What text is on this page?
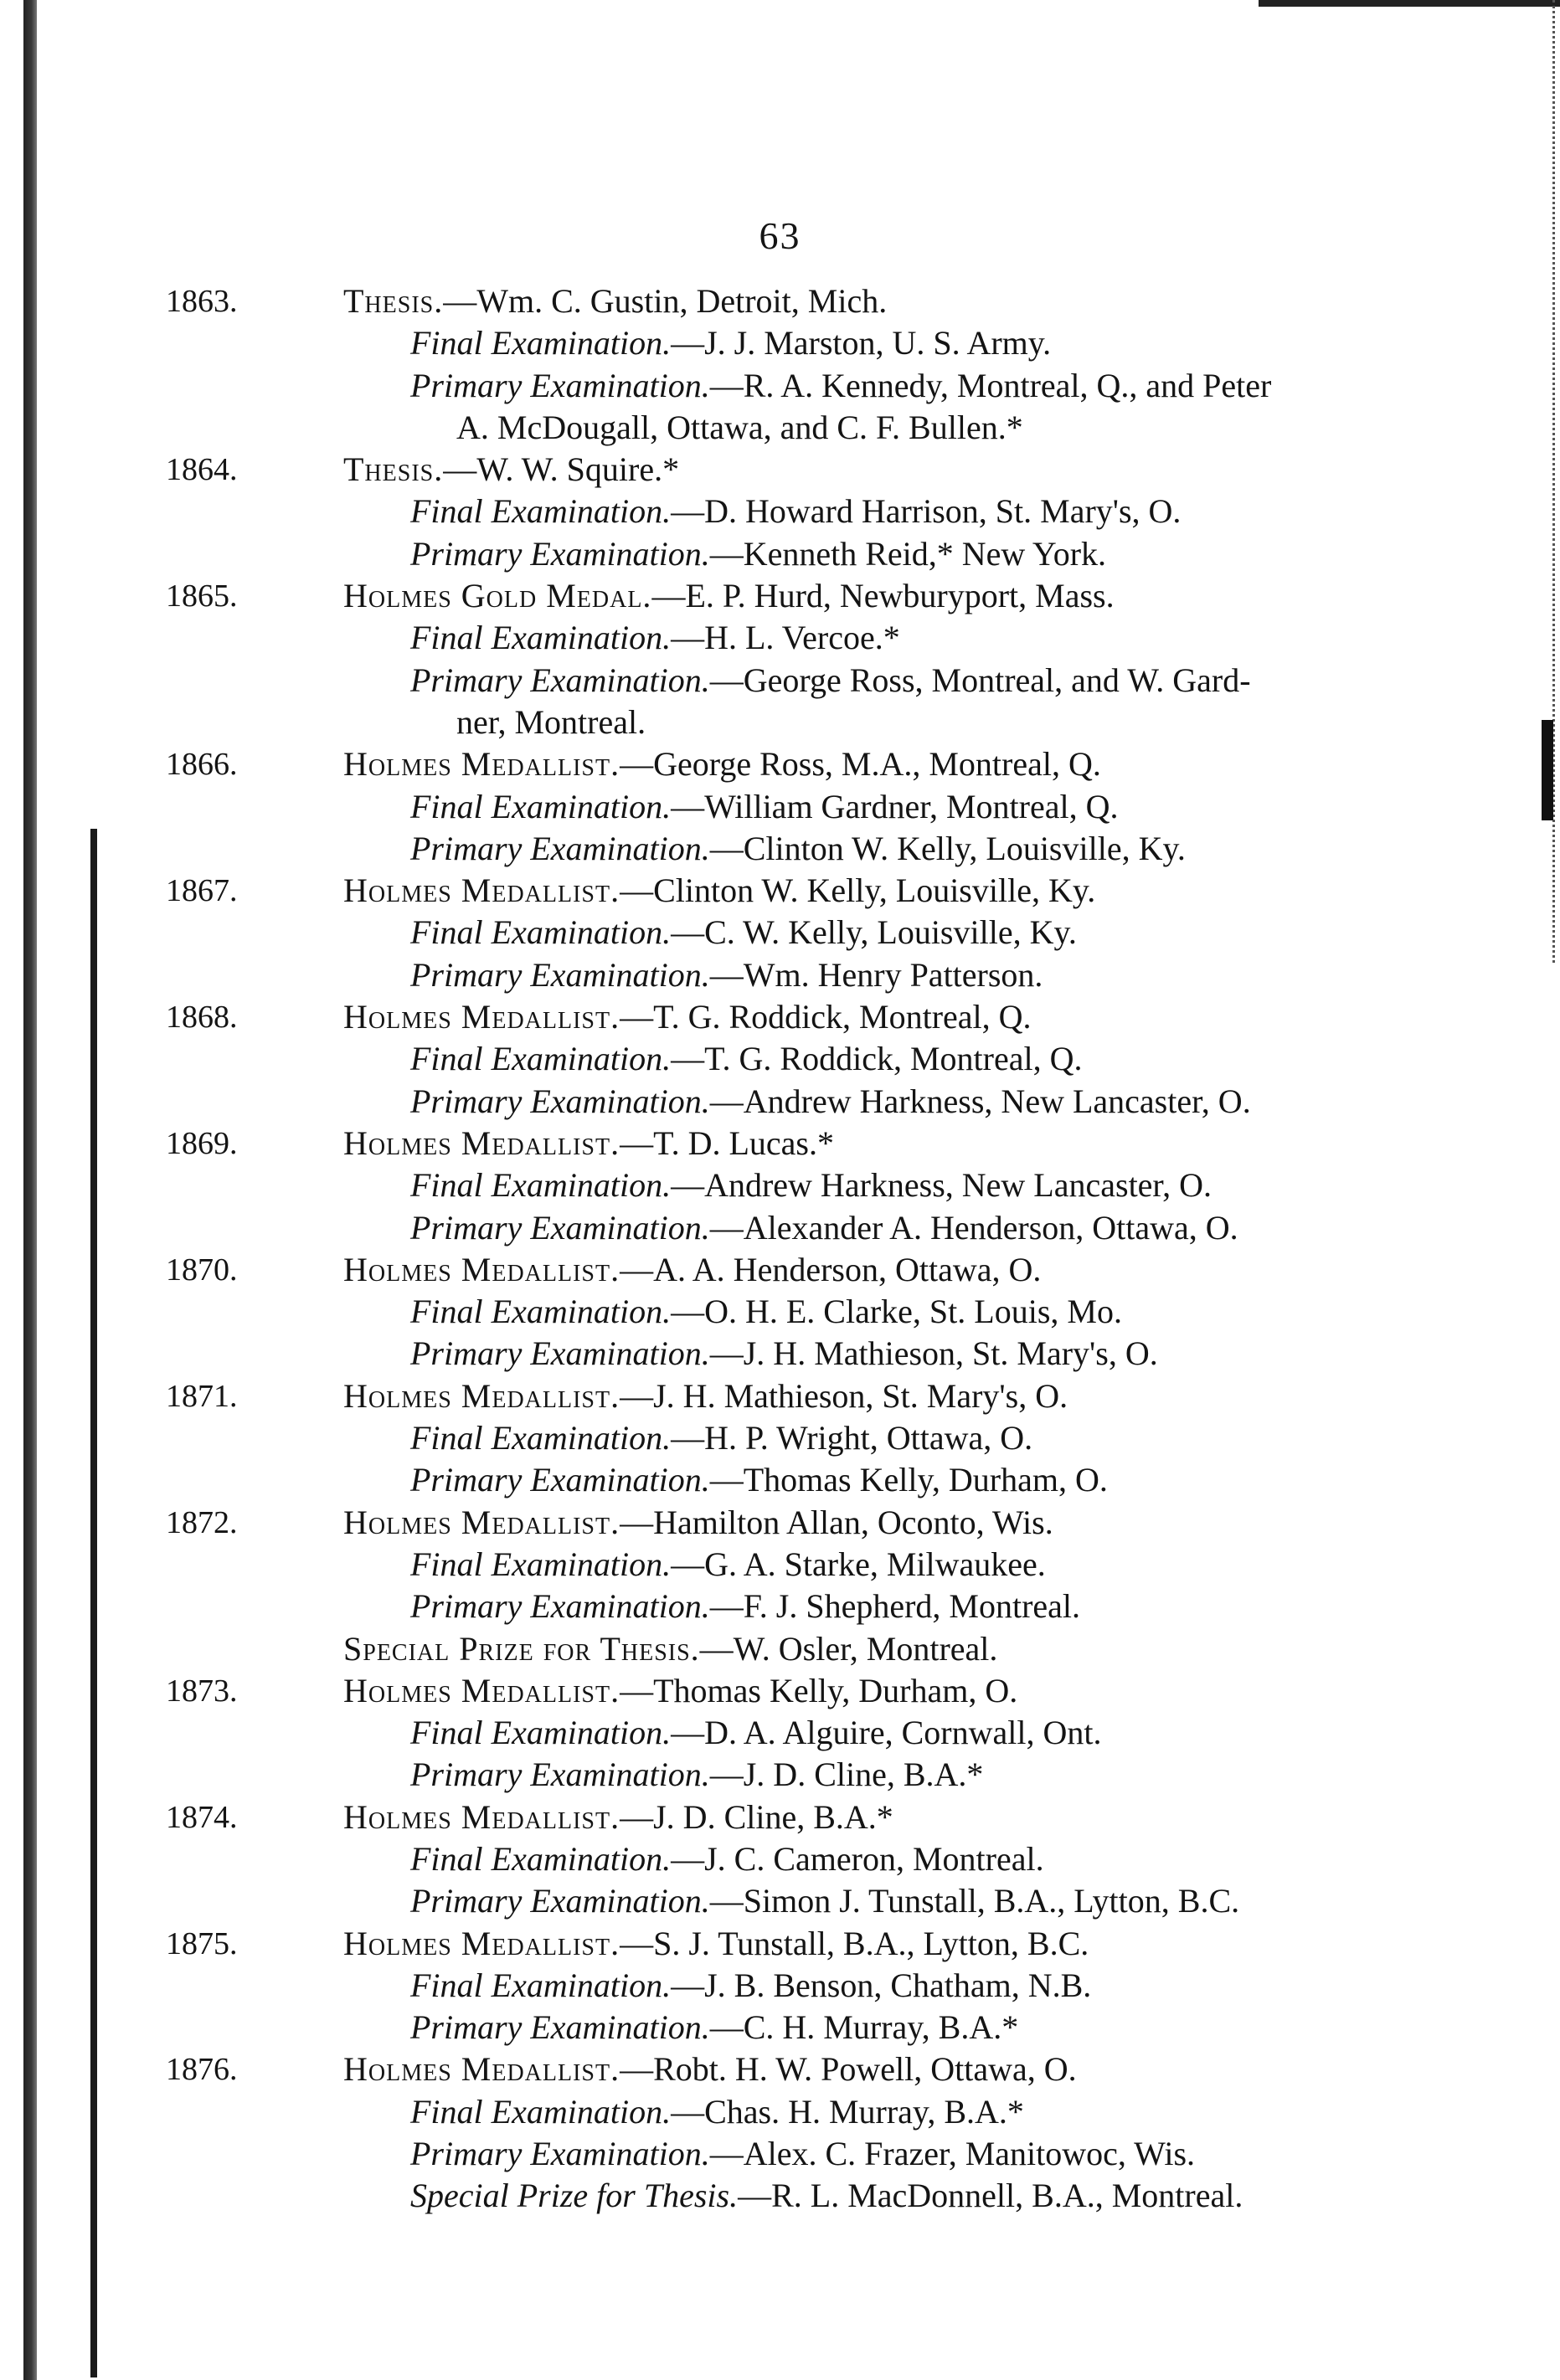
63
1863.	Thesis.—Wm. C. Gustin, Detroit, Mich.
Final Examination.—J. J. Marston, U. S. Army.
Primary Examination.—R. A. Kennedy, Montreal, Q., and Peter
A. McDougall, Ottawa, and C. F. Bullen.*
1864.	Thesis.—W. W. Squire.*
Final Examination.—D. Howard Harrison, St. Mary's, O.
Primary Examination.—Kenneth Reid,* New York.
1865.	Holmes Gold Medal.—E. P. Hurd, Newburyport, Mass.
Final Examination.—H. L. Vercoe.*
Primary Examination.—George Ross, Montreal, and W. Gard-
ner, Montreal.
1866.	Holmes Medallist.—George Ross, M.A., Montreal, Q.
Final Examination.—William Gardner, Montreal, Q.
Primary Examination.—Clinton W. Kelly, Louisville, Ky.
1867.	Holmes Medallist.—Clinton W. Kelly, Louisville, Ky.
Final Examination.—C. W. Kelly, Louisville, Ky.
Primary Examination.—Wm. Henry Patterson.
1868.	Holmes Medallist.—T. G. Roddick, Montreal, Q.
Final Examination.—T. G. Roddick, Montreal, Q.
Primary Examination.—Andrew Harkness, New Lancaster, O.
1869.	Holmes Medallist.—T. D. Lucas.*
Final Examination.—Andrew Harkness, New Lancaster, O.
Primary Examination.—Alexander A. Henderson, Ottawa, O.
1870.	Holmes Medallist.—A. A. Henderson, Ottawa, O.
Final Examination.—O. H. E. Clarke, St. Louis, Mo.
Primary Examination.—J. H. Mathieson, St. Mary's, O.
1871.	Holmes Medallist.—J. H. Mathieson, St. Mary's, O.
Final Examination.—H. P. Wright, Ottawa, O.
Primary Examination.—Thomas Kelly, Durham, O.
1872.	Holmes Medallist.—Hamilton Allan, Oconto, Wis.
Final Examination.—G. A. Starke, Milwaukee.
Primary Examination.—F. J. Shepherd, Montreal.
Special Prize for Thesis.—W. Osler, Montreal.
1873.	Holmes Medallist.—Thomas Kelly, Durham, O.
Final Examination.—D. A. Alguire, Cornwall, Ont.
Primary Examination.—J. D. Cline, B.A.*
1874.	Holmes Medallist.—J. D. Cline, B.A.*
Final Examination.—J. C. Cameron, Montreal.
Primary Examination.—Simon J. Tunstall, B.A., Lytton, B.C.
1875.	Holmes Medallist.—S. J. Tunstall, B.A., Lytton, B.C.
Final Examination.—J. B. Benson, Chatham, N.B.
Primary Examination.—C. H. Murray, B.A.*
1876.	Holmes Medallist.—Robt. H. W. Powell, Ottawa, O.
Final Examination.—Chas. H. Murray, B.A.*
Primary Examination.—Alex. C. Frazer, Manitowoc, Wis.
Special Prize for Thesis.—R. L. MacDonnell, B.A., Montreal.
